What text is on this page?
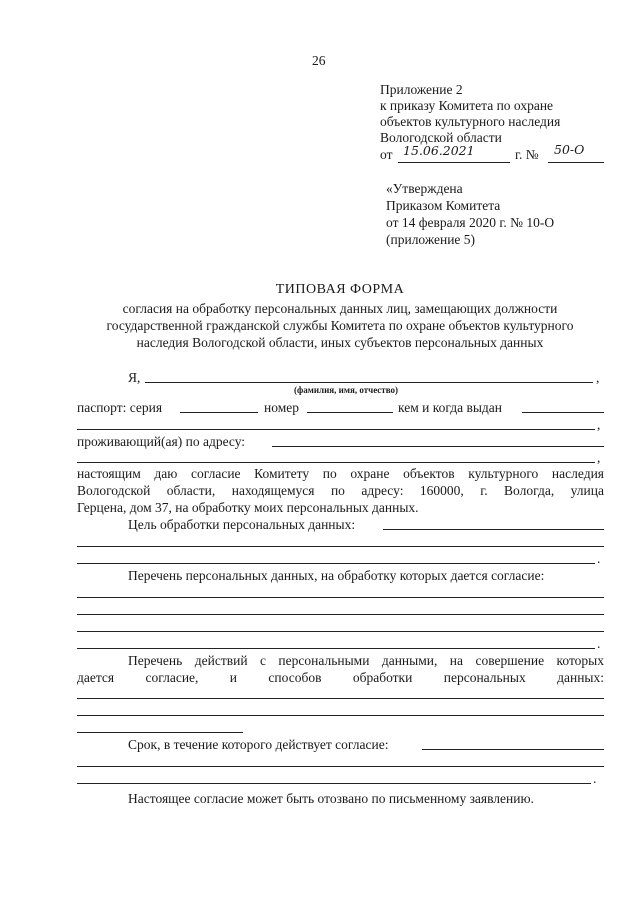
26
Приложение 2
к приказу Комитета по охране
объектов культурного наследия
Вологодской области
от 15.06.2021	г. № 50-О
«Утверждена
Приказом Комитета
от 14 февраля 2020 г. № 10-О
(приложение 5)
ТИПОВАЯ ФОРМА
согласия на обработку персональных данных лиц, замещающих должности
государственной гражданской службы Комитета по охране объектов культурного
наследия Вологодской области, иных субъектов персональных данных
Я,	,
(фамилия, имя, отчество)
паспорт: серия	номер	кем и когда выдан
,
проживающий(ая) по адресу:
,
настоящим даю согласие Комитету по охране объектов культурного наследия
Вологодской области, находящемуся по адресу: 160000, г. Вологда, улица
Герцена, дом 37, на обработку моих персональных данных.
Цель обработки персональных данных:
.
Перечень персональных данных, на обработку которых дается согласие:
.
Перечень действий с персональными данными, на совершение которых
дается согласие, и способов обработки персональных данных:
Срок, в течение которого действует согласие:
.
Настоящее согласие может быть отозвано по письменному заявлению.
